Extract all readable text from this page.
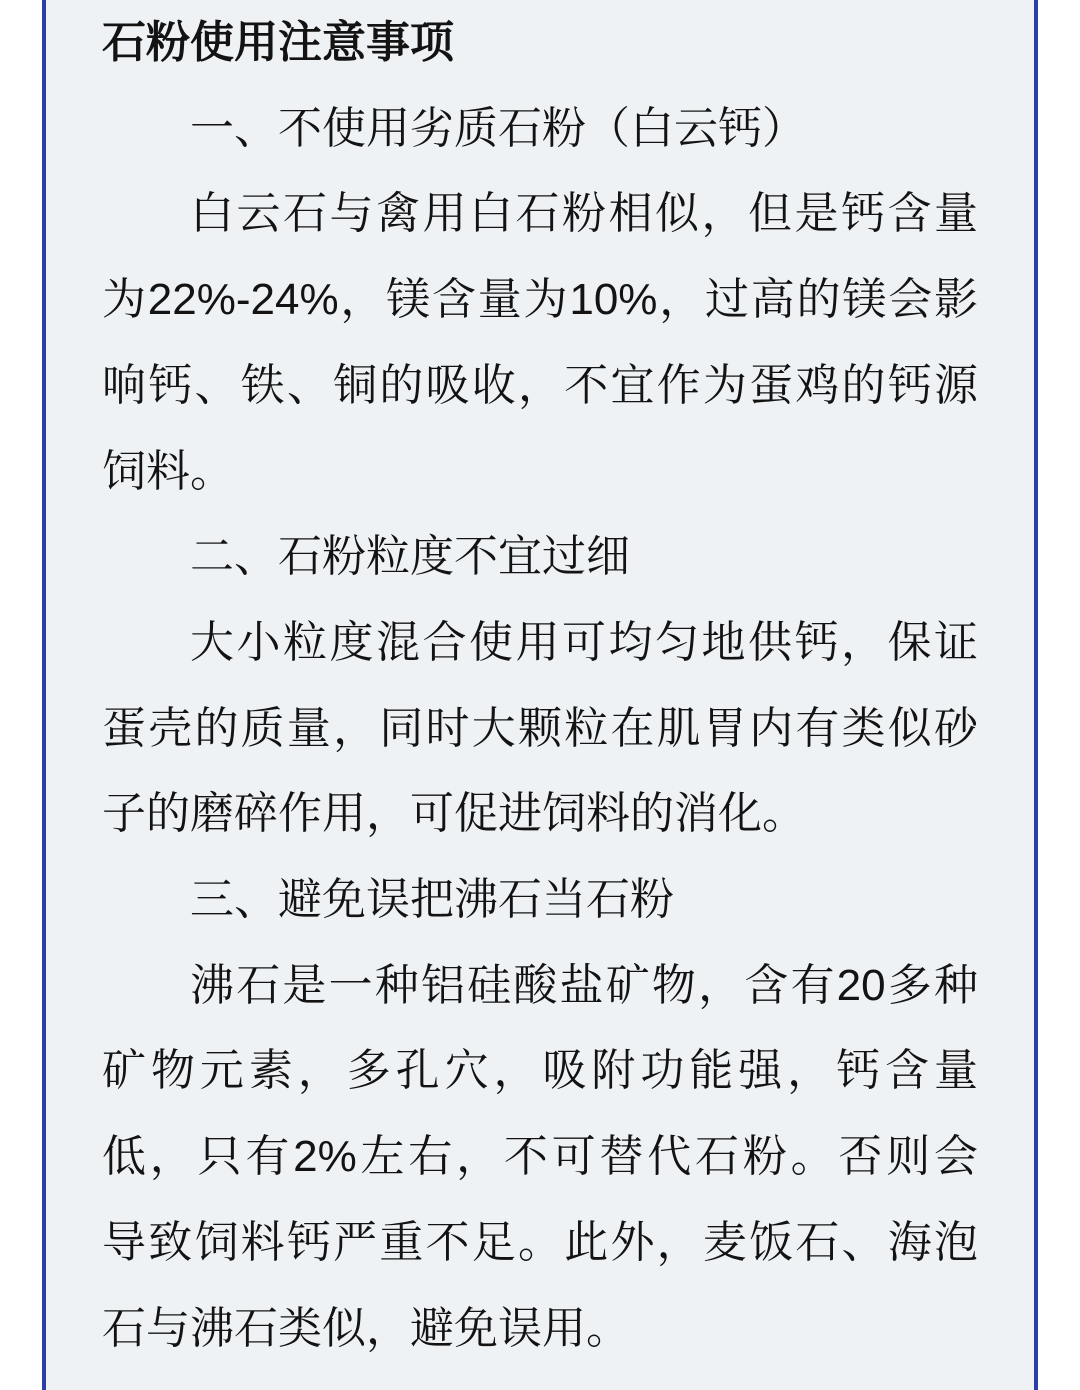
石粉使用注意事项
一、不使用劣质石粉（白云钙）
白云石与禽用白石粉相似，但是钙含量
为22%-24%，镁含量为10%，过高的镁会影
响钙、铁、铜的吸收，不宜作为蛋鸡的钙源
饲料。
二、石粉粒度不宜过细
大小粒度混合使用可均匀地供钙，保证
蛋壳的质量，同时大颗粒在肌胃内有类似砂
子的磨碎作用，可促进饲料的消化。
三、避免误把沸石当石粉
沸石是一种铝硅酸盐矿物，含有20多种
矿物元素，多孔穴，吸附功能强，钙含量
低，只有2%左右，不可替代石粉。否则会
导致饲料钙严重不足。此外，麦饭石、海泡
石与沸石类似，避免误用。
